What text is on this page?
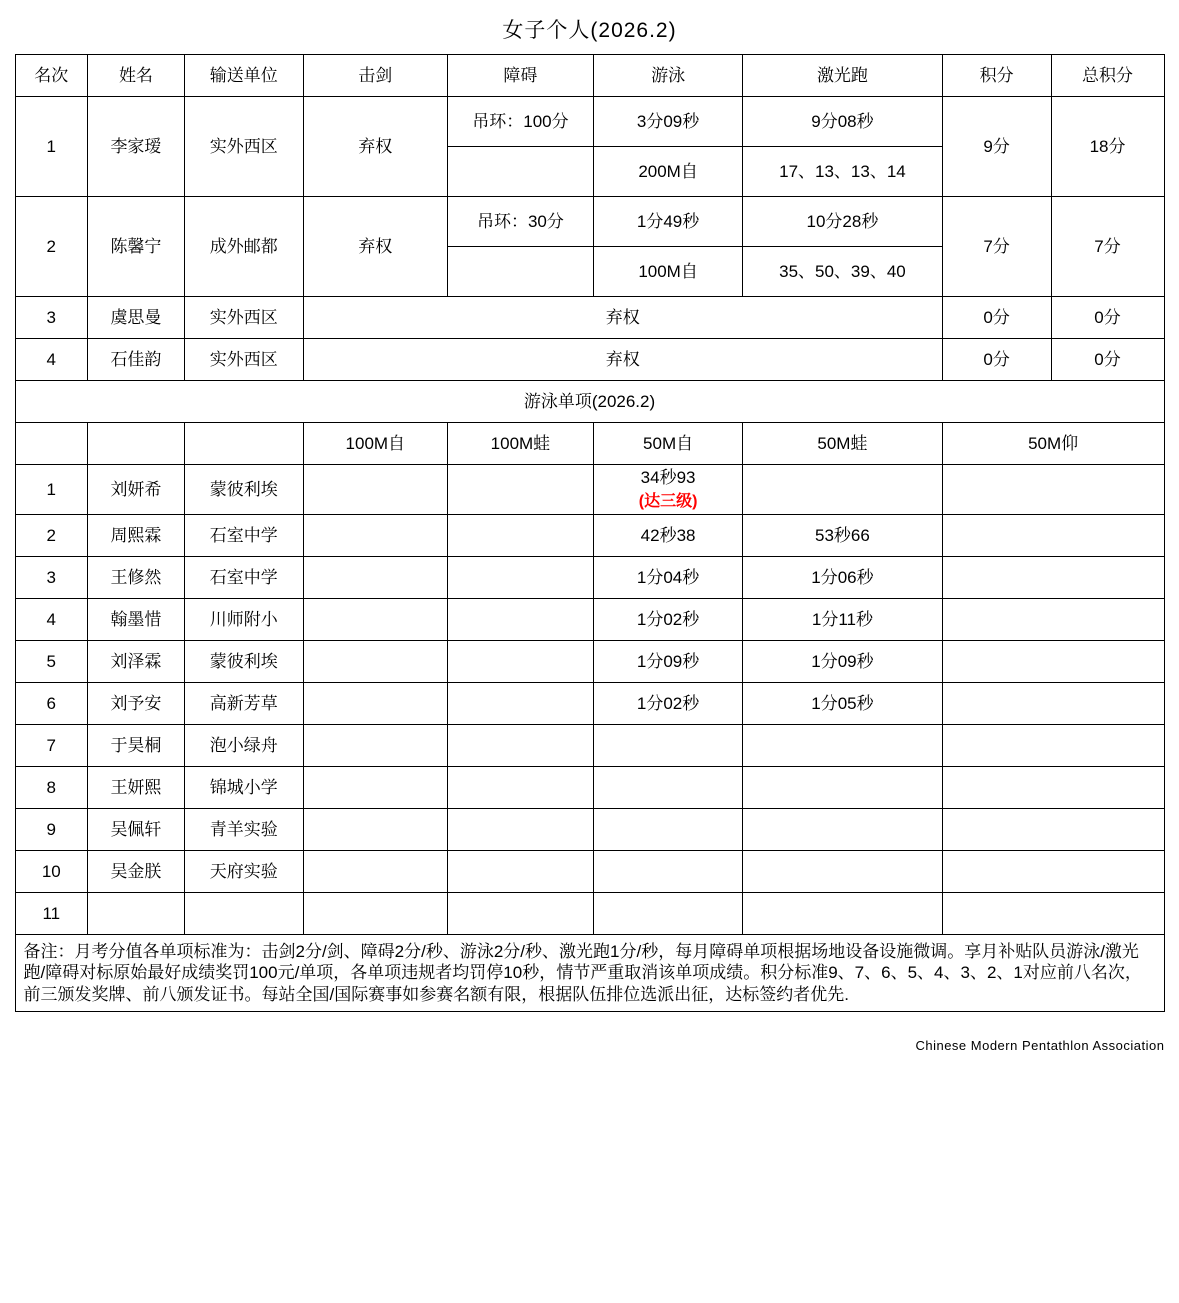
女子个人(2026.2)
名次	姓名	输送单位	击剑	障碍	游泳	激光跑	积分	总积分
1	李家瑷	实外西区	弃权	吊环：100分	3分09秒	9分08秒	9分	18分
					200M自	17、13、13、14		
2	陈馨宁	成外邮都	弃权	吊环：30分	1分49秒	10分28秒	7分	7分
					100M自	35、50、39、40		
3	虞思曼	实外西区	弃权				0分	0分
4	石佳韵	实外西区	弃权				0分	0分
游泳单项(2026.2)								
			100M自	100M蛙	50M自	50M蛙	50M仰	
1	刘妍希	蒙彼利埃			34秒93
(达三级)			

2	周熙霖	石室中学			42秒38	53秒66		
3	王修然	石室中学			1分04秒	1分06秒		
4	翰墨惜	川师附小			1分02秒	1分11秒		
5	刘泽霖	蒙彼利埃			1分09秒	1分09秒		
6	刘予安	高新芳草			1分02秒	1分05秒		
7	于昊桐	泡小绿舟						
8	王妍熙	锦城小学						
9	吴佩轩	青羊实验						
10	吴金朕	天府实验						
11								
备注：月考分值各单项标准为：击剑2分/剑、障碍2分/秒、游泳2分/秒、激光跑1分/秒，每月障碍单项根据场地设备设施微调。享月补贴队员游泳/激光跑/障碍对标原始最好成绩奖罚100元/单项，各单项违规者均罚停10秒，情节严重取消该单项成绩。积分标准9、7、6、5、4、3、2、1对应前八名次，前三颁发奖牌、前八颁发证书。每站全国/国际赛事如参赛名额有限，根据队伍排位选派出征，达标签约者优先.								
Chinese Modern Pentathlon Association
